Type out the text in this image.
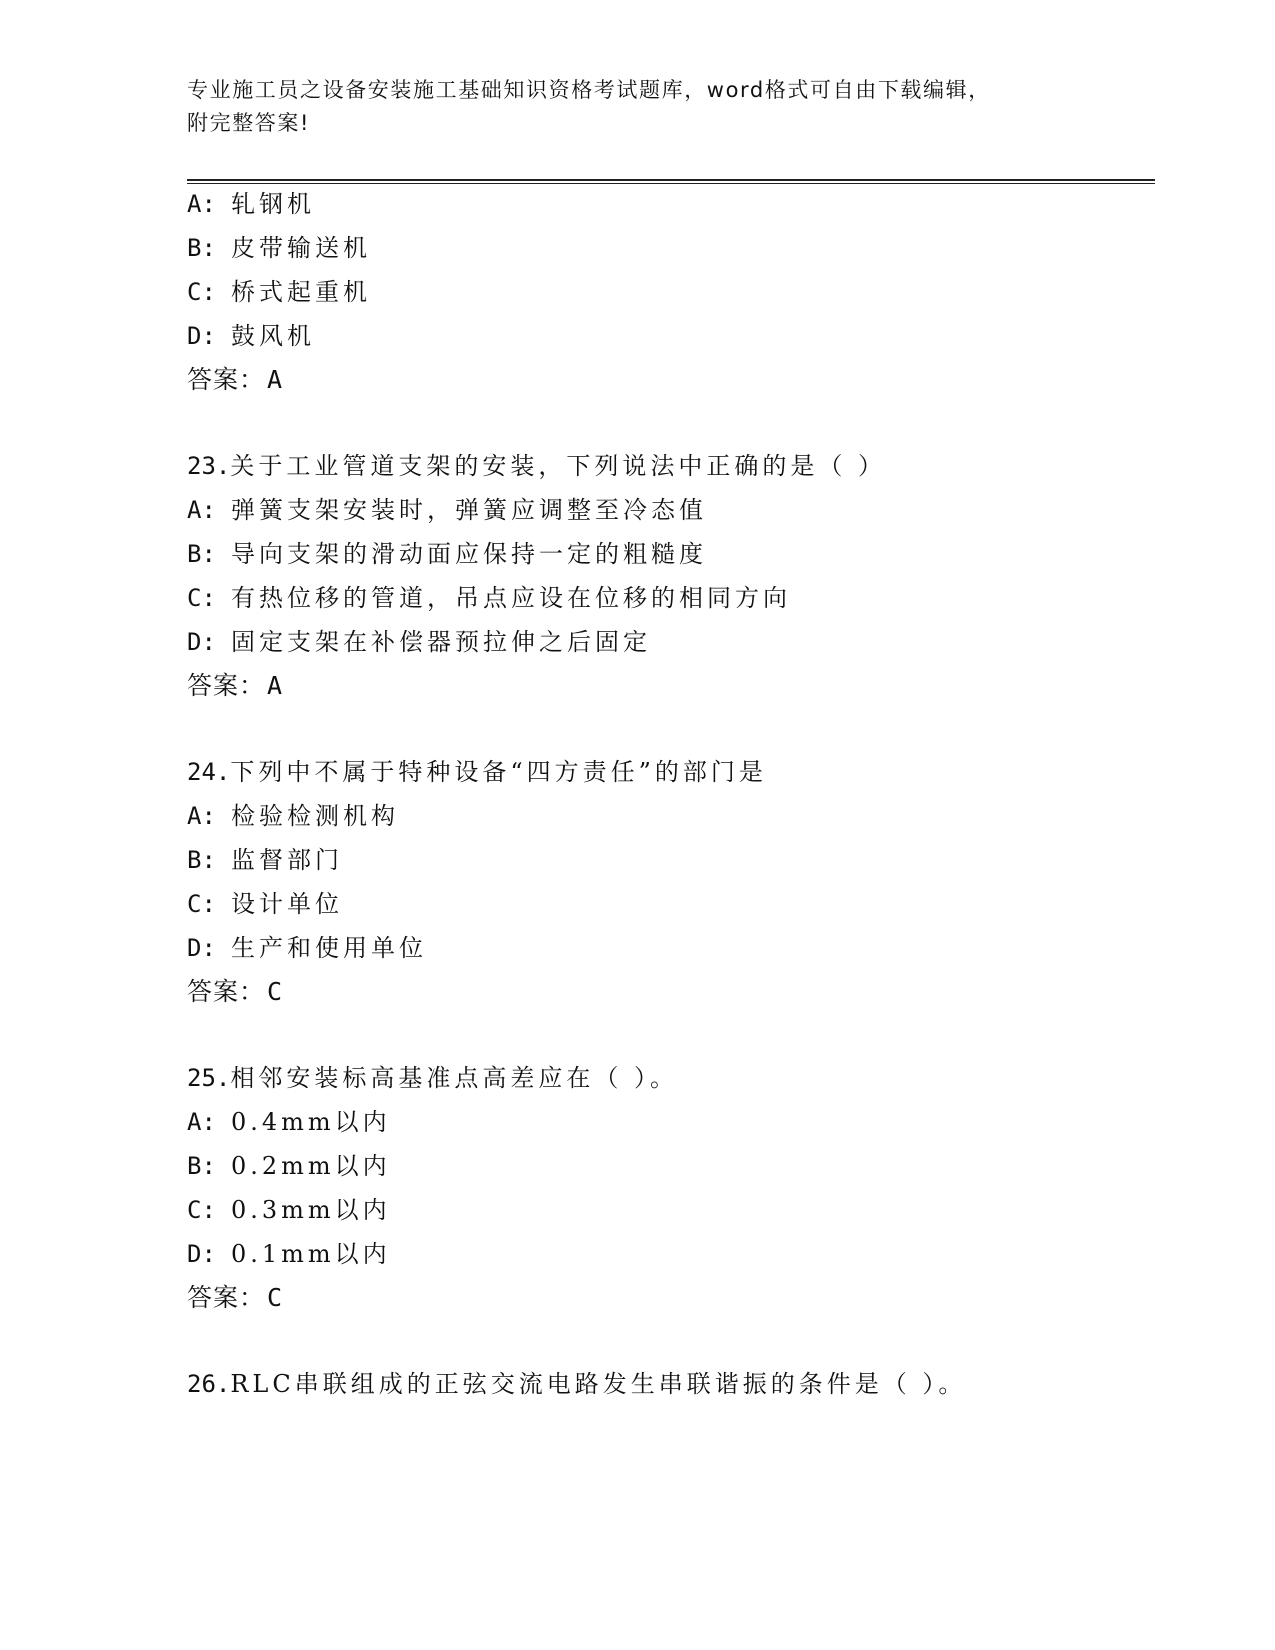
专业施工员之设备安装施工基础知识资格考试题库，word格式可自由下载编辑，
附完整答案!
A: 轧钢机
B: 皮带输送机
C: 桥式起重机
D: 鼓风机
答案：A
23.关于工业管道支架的安装，下列说法中正确的是（ ）
A: 弹簧支架安装时，弹簧应调整至冷态值
B: 导向支架的滑动面应保持一定的粗糙度
C: 有热位移的管道，吊点应设在位移的相同方向
D: 固定支架在补偿器预拉伸之后固定
答案：A
24.下列中不属于特种设备“四方责任”的部门是
A: 检验检测机构
B: 监督部门
C: 设计单位
D: 生产和使用单位
答案：C
25.相邻安装标高基准点高差应在（ ）。
A: 0.4mm以内
B: 0.2mm以内
C: 0.3mm以内
D: 0.1mm以内
答案：C
26.RLC串联组成的正弦交流电路发生串联谐振的条件是（ ）。
